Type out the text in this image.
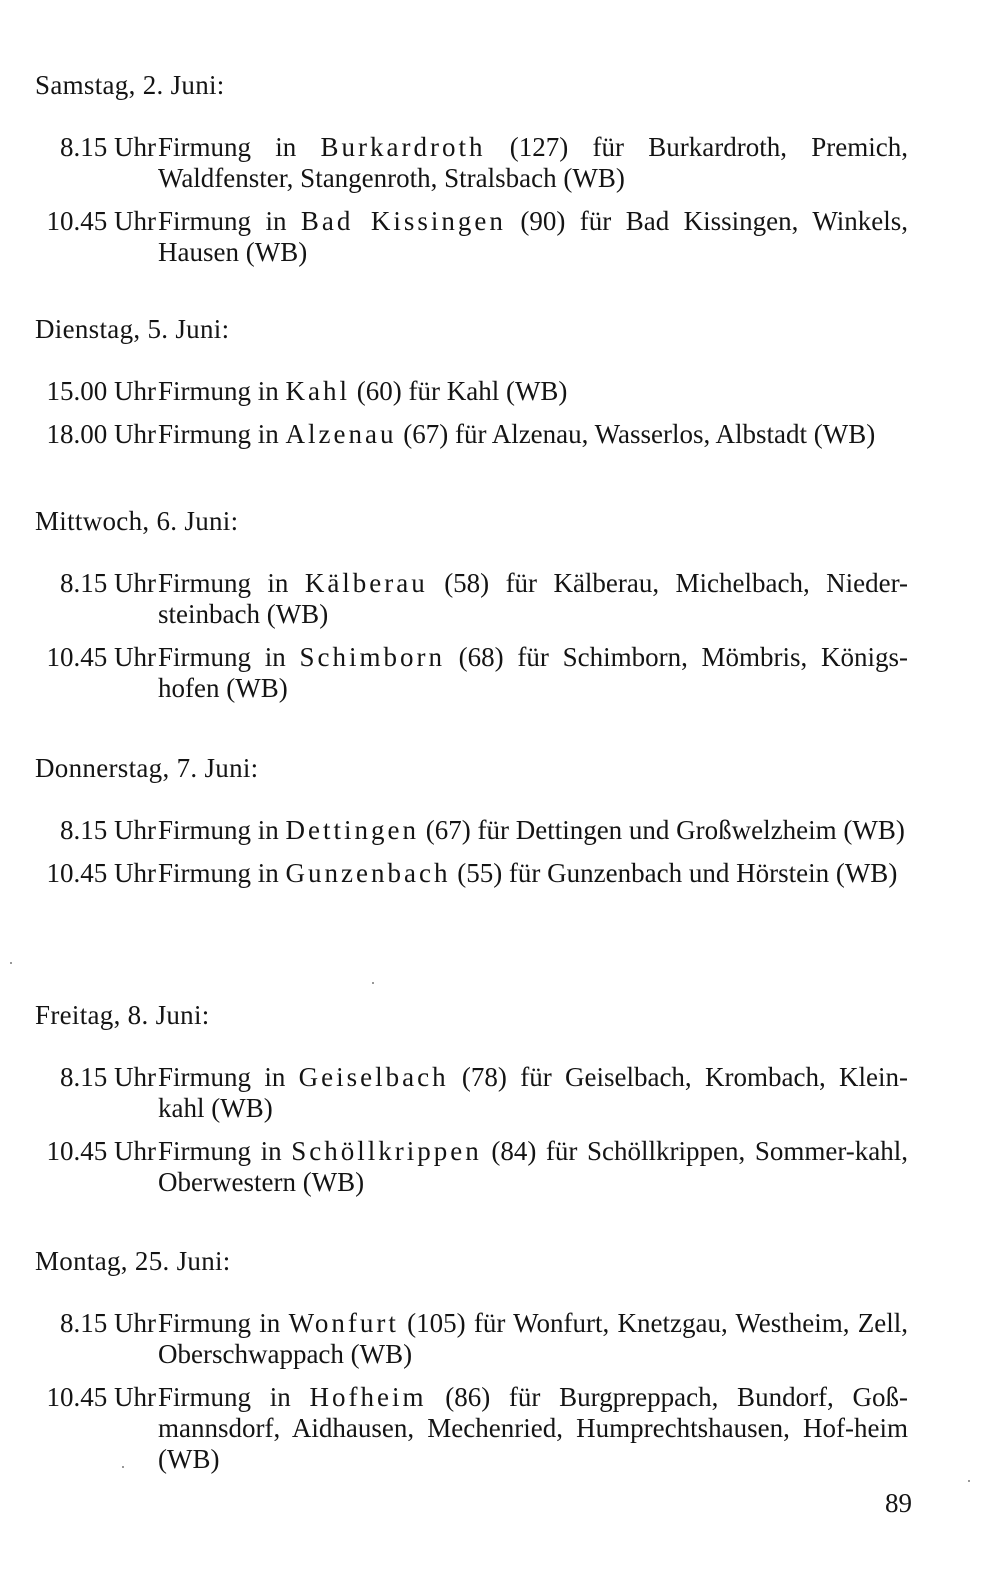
Samstag, 2. Juni:
8.15 Uhr Firmung in Burkardroth (127) für Burkardroth, Premich, Waldfenster, Stangenroth, Stralsbach (WB)
10.45 Uhr Firmung in Bad Kissingen (90) für Bad Kissingen, Winkels, Hausen (WB)
Dienstag, 5. Juni:
15.00 Uhr Firmung in Kahl (60) für Kahl (WB)
18.00 Uhr Firmung in Alzenau (67) für Alzenau, Wasserlos, Albstadt (WB)
Mittwoch, 6. Juni:
8.15 Uhr Firmung in Kälberau (58) für Kälberau, Michelbach, Nieder-steinbach (WB)
10.45 Uhr Firmung in Schimborn (68) für Schimborn, Mömbris, Königs-hofen (WB)
Donnerstag, 7. Juni:
8.15 Uhr Firmung in Dettingen (67) für Dettingen und Großwelzheim (WB)
10.45 Uhr Firmung in Gunzenbach (55) für Gunzenbach und Hörstein (WB)
Freitag, 8. Juni:
8.15 Uhr Firmung in Geiselbach (78) für Geiselbach, Krombach, Klein-kahl (WB)
10.45 Uhr Firmung in Schöllkrippen (84) für Schöllkrippen, Sommer-kahl, Oberwestern (WB)
Montag, 25. Juni:
8.15 Uhr Firmung in Wonfurt (105) für Wonfurt, Knetzgau, Westheim, Zell, Oberschwappach (WB)
10.45 Uhr Firmung in Hofheim (86) für Burgpreppach, Bundorf, Goß-mannsdorf, Aidhausen, Mechenried, Humprechtshausen, Hof-heim (WB)
89
